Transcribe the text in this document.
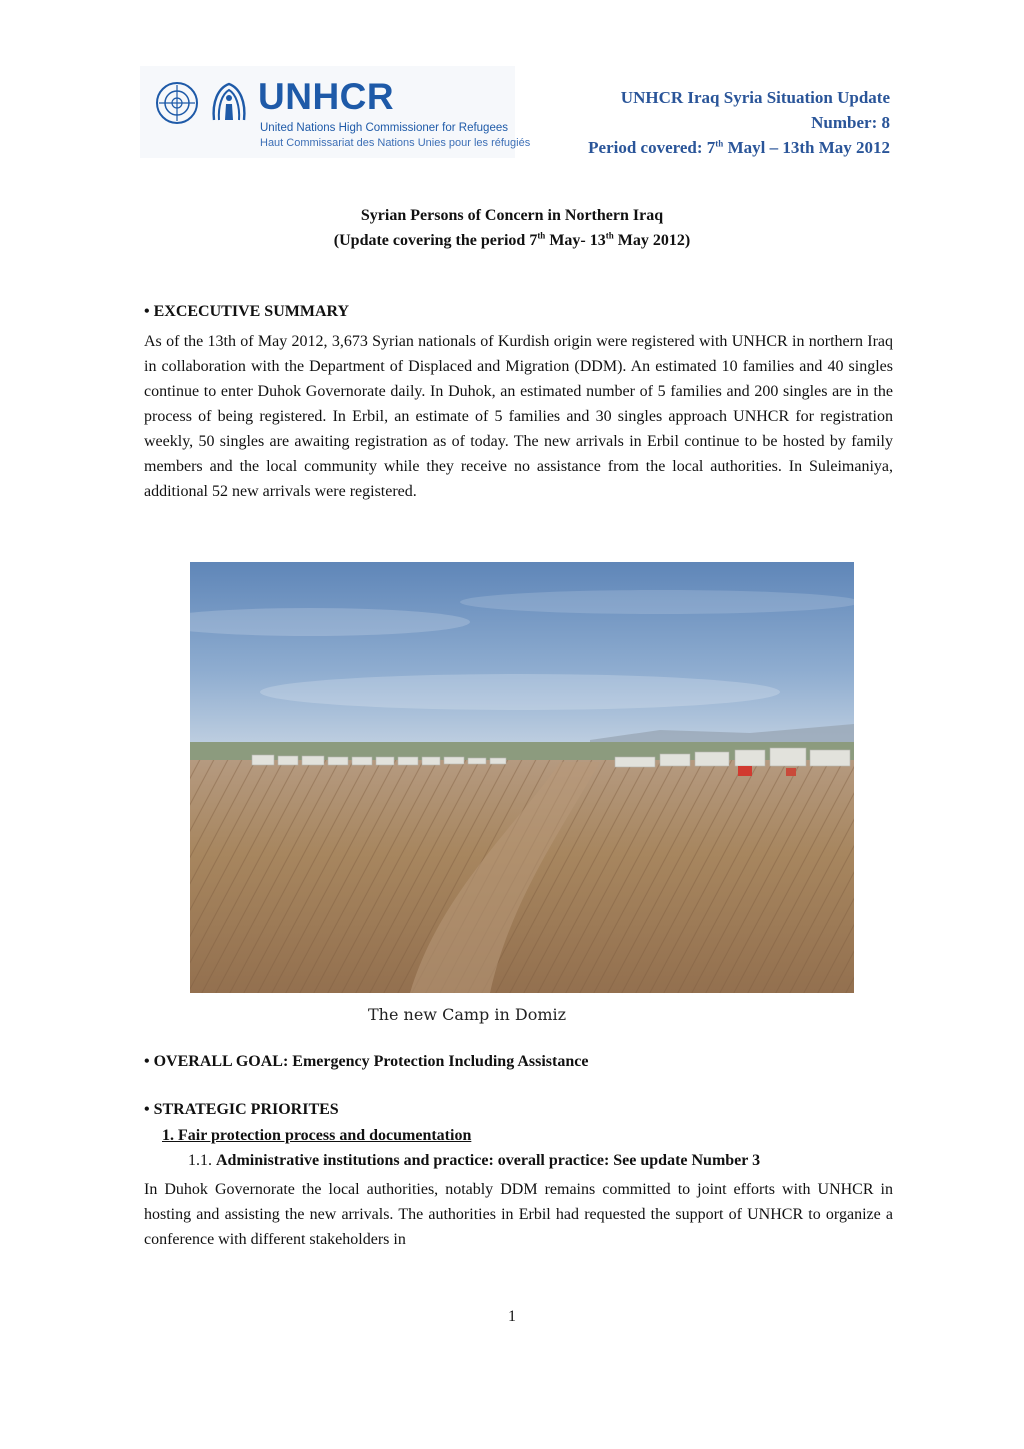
UNHCR
United Nations High Commissioner for Refugees
Haut Commissariat des Nations Unies pour les réfugiés
UNHCR Iraq Syria Situation Update
Number: 8
Period covered: 7th Mayl – 13th May 2012
Syrian Persons of Concern in Northern Iraq
(Update covering the period 7th May- 13th May 2012)
• EXCECUTIVE SUMMARY
As of the 13th of May 2012, 3,673 Syrian nationals of Kurdish origin were registered with UNHCR in northern Iraq in collaboration with the Department of Displaced and Migration (DDM). An estimated 10 families and 40 singles continue to enter Duhok Governorate daily. In Duhok, an estimated number of 5 families and 200 singles are in the process of being registered. In Erbil, an estimate of 5 families and 30 singles approach UNHCR for registration weekly, 50 singles are awaiting registration as of today. The new arrivals in Erbil continue to be hosted by family members and the local community while they receive no assistance from the local authorities. In Suleimaniya, additional 52 new arrivals were registered.
The new Camp in Domiz
• OVERALL GOAL: Emergency Protection Including Assistance
• STRATEGIC PRIORITES
1. Fair protection process and documentation
1.1. Administrative institutions and practice: overall practice: See update Number 3
In Duhok Governorate the local authorities, notably DDM remains committed to joint efforts with UNHCR in hosting and assisting the new arrivals. The authorities in Erbil had requested the support of UNHCR to organize a conference with different stakeholders in
1
